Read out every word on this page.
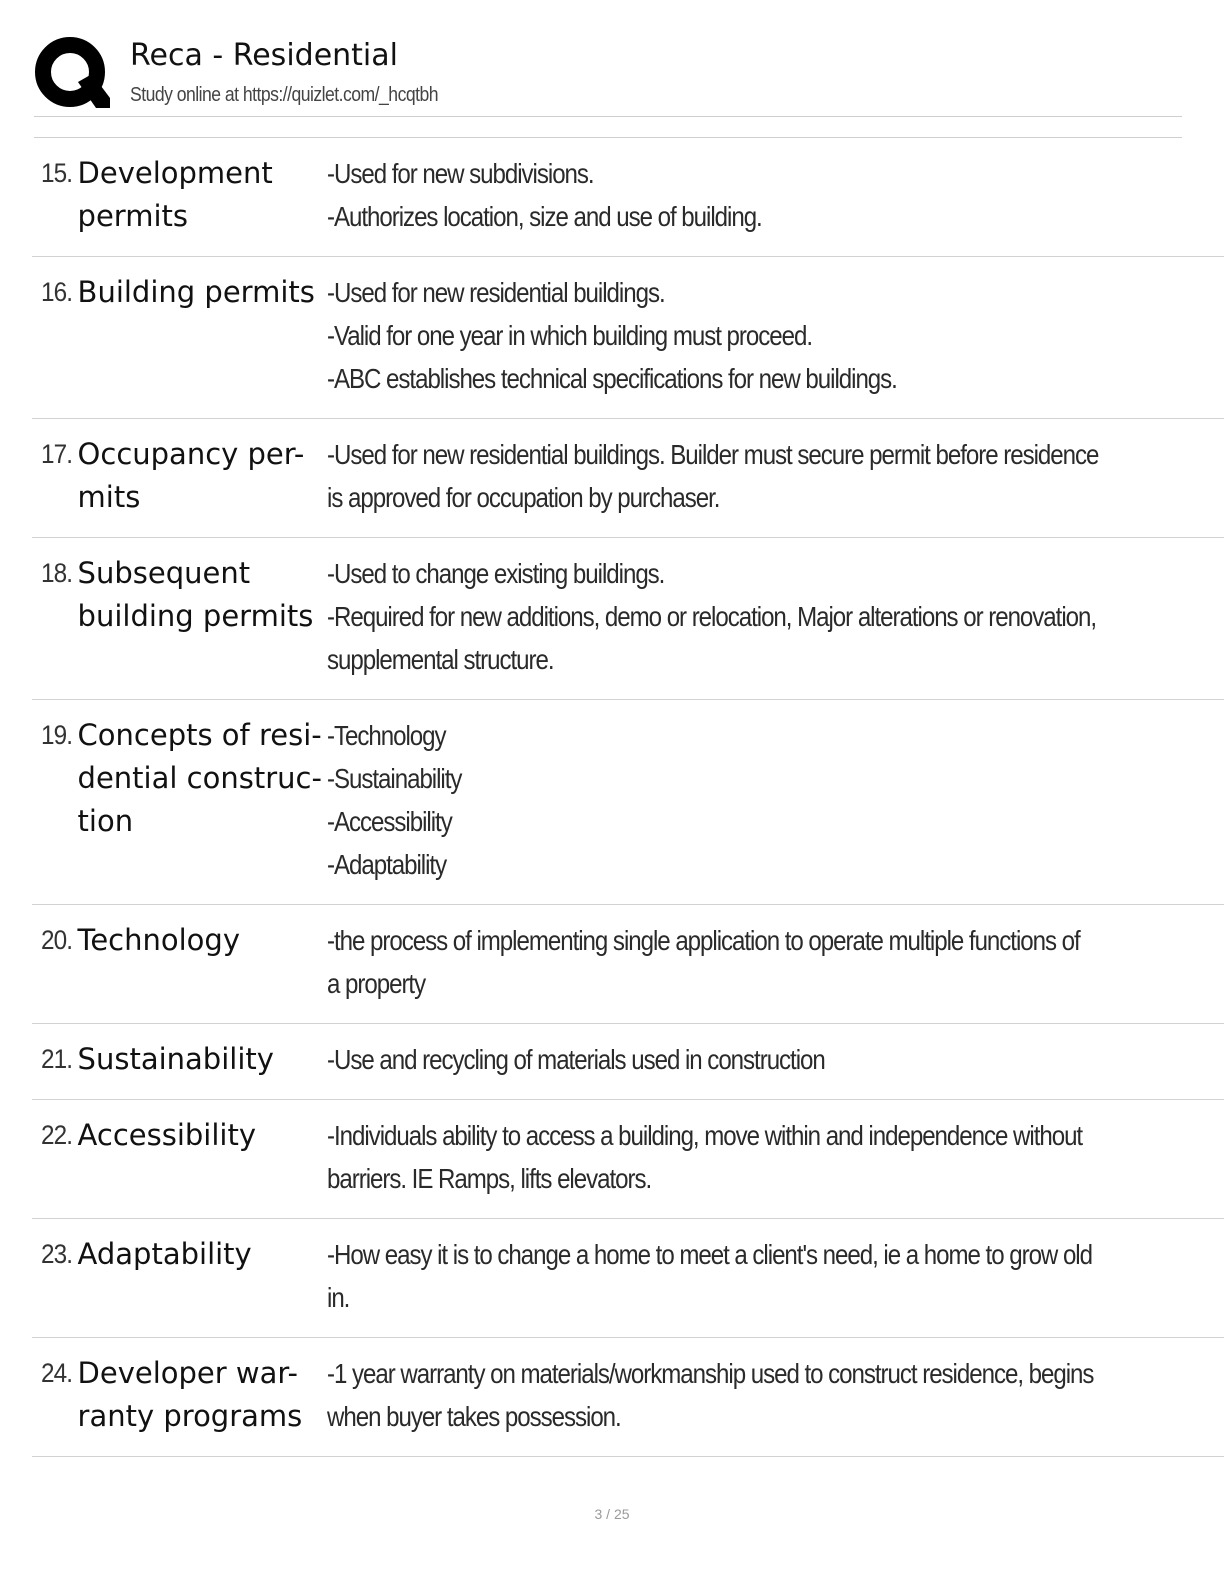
Reca - Residential
Study online at https://quizlet.com/_hcqtbh
15.	Development
permits	-Used for new subdivisions.
-Authorizes location, size and use of building.

16.	Building permits	-Used for new residential buildings.
-Valid for one year in which building must proceed.
-ABC establishes technical specifications for new buildings.

17.	Occupancy per-
mits	-Used for new residential buildings. Builder must secure permit before residence
is approved for occupation by purchaser.

18.	Subsequent
building permits	-Used to change existing buildings.
-Required for new additions, demo or relocation, Major alterations or renovation,
supplemental structure.

19.	Concepts of resi-
dential construc-
tion	-Technology
-Sustainability
-Accessibility
-Adaptability

20.	Technology	-the process of implementing single application to operate multiple functions of
a property

21.	Sustainability	-Use and recycling of materials used in construction

22.	Accessibility	-Individuals ability to access a building, move within and independence without
barriers. IE Ramps, lifts elevators.

23.	Adaptability	-How easy it is to change a home to meet a client's need, ie a home to grow old
in.

24.	Developer war-
ranty programs	-1 year warranty on materials/workmanship used to construct residence, begins
when buyer takes possession.
3 / 25
